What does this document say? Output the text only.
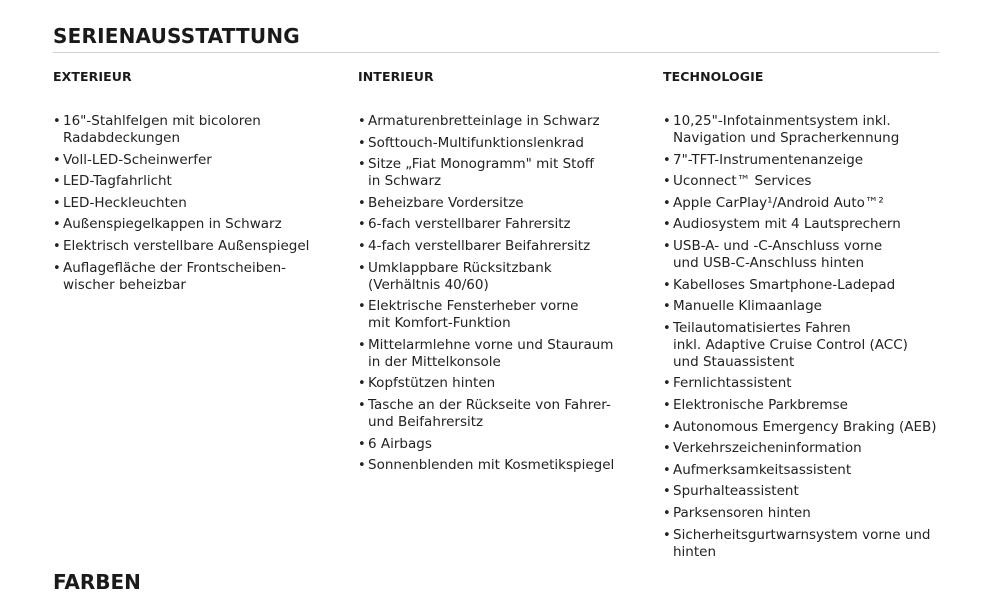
SERIENAUSSTATTUNG
EXTERIEUR
• 16"-Stahlfelgen mit bicoloren
Radabdeckungen
• Voll-LED-Scheinwerfer
• LED-Tagfahrlicht
• LED-Heckleuchten
• Außenspiegelkappen in Schwarz
• Elektrisch verstellbare Außenspiegel
• Auflagefläche der Frontscheiben-
wischer beheizbar
INTERIEUR
• Armaturenbretteinlage in Schwarz
• Softtouch-Multifunktionslenkrad
• Sitze „Fiat Monogramm" mit Stoff
in Schwarz
• Beheizbare Vordersitze
• 6-fach verstellbarer Fahrersitz
• 4-fach verstellbarer Beifahrersitz
• Umklappbare Rücksitzbank
(Verhältnis 40/60)
• Elektrische Fensterheber vorne
mit Komfort-Funktion
• Mittelarmlehne vorne und Stauraum
in der Mittelkonsole
• Kopfstützen hinten
• Tasche an der Rückseite von Fahrer-
und Beifahrersitz
• 6 Airbags
• Sonnenblenden mit Kosmetikspiegel
TECHNOLOGIE
• 10,25"-Infotainmentsystem inkl.
Navigation und Spracherkennung
• 7"-TFT-Instrumentenanzeige
• Uconnect™ Services
• Apple CarPlay¹/Android Auto™²
• Audiosystem mit 4 Lautsprechern
• USB-A- und -C-Anschluss vorne
und USB-C-Anschluss hinten
• Kabelloses Smartphone-Ladepad
• Manuelle Klimaanlage
• Teilautomatisiertes Fahren
inkl. Adaptive Cruise Control (ACC)
und Stauassistent
• Fernlichtassistent
• Elektronische Parkbremse
• Autonomous Emergency Braking (AEB)
• Verkehrszeicheninformation
• Aufmerksamkeitsassistent
• Spurhalteassistent
• Parksensoren hinten
• Sicherheitsgurtwarnsystem vorne und
hinten
FARBEN
